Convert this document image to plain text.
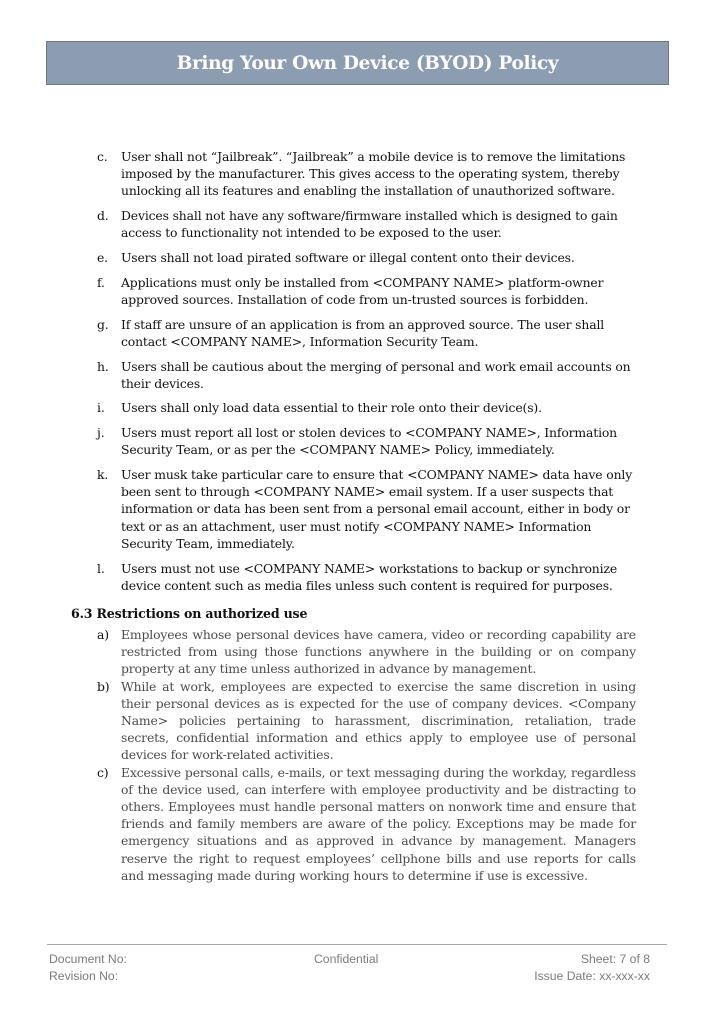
Bring Your Own Device (BYOD) Policy
c.	User shall not “Jailbreak”. “Jailbreak” a mobile device is to remove the limitations imposed by the manufacturer. This gives access to the operating system, thereby unlocking all its features and enabling the installation of unauthorized software.
d.	Devices shall not have any software/firmware installed which is designed to gain access to functionality not intended to be exposed to the user.
e.	Users shall not load pirated software or illegal content onto their devices.
f.	Applications must only be installed from <COMPANY NAME> platform-owner approved sources. Installation of code from un-trusted sources is forbidden.
g.	If staff are unsure of an application is from an approved source. The user shall contact <COMPANY NAME>, Information Security Team.
h. Users shall be cautious about the merging of personal and work email accounts on their devices.
i.	Users shall only load data essential to their role onto their device(s).
j.	Users must report all lost or stolen devices to <COMPANY NAME>, Information Security Team, or as per the <COMPANY NAME> Policy, immediately.
k.	User musk take particular care to ensure that <COMPANY NAME> data have only been sent to through <COMPANY NAME> email system. If a user suspects that information or data has been sent from a personal email account, either in body or text or as an attachment, user must notify <COMPANY NAME> Information Security Team, immediately.
l.	Users must not use <COMPANY NAME> workstations to backup or synchronize device content such as media files unless such content is required for purposes.
6.3 Restrictions on authorized use
a) Employees whose personal devices have camera, video or recording capability are restricted from using those functions anywhere in the building or on company property at any time unless authorized in advance by management.
b) While at work, employees are expected to exercise the same discretion in using their personal devices as is expected for the use of company devices. <Company Name> policies pertaining to harassment, discrimination, retaliation, trade secrets, confidential information and ethics apply to employee use of personal devices for work-related activities.
c)	Excessive personal calls, e-mails, or text messaging during the workday, regardless of the device used, can interfere with employee productivity and be distracting to others. Employees must handle personal matters on nonwork time and ensure that friends and family members are aware of the policy. Exceptions may be made for emergency situations and as approved in advance by management. Managers reserve the right to request employees’ cellphone bills and use reports for calls and messaging made during working hours to determine if use is excessive.
Document No:	Confidential	Sheet: 7 of 8
Revision No:	Issue Date: xx-xxx-xx
